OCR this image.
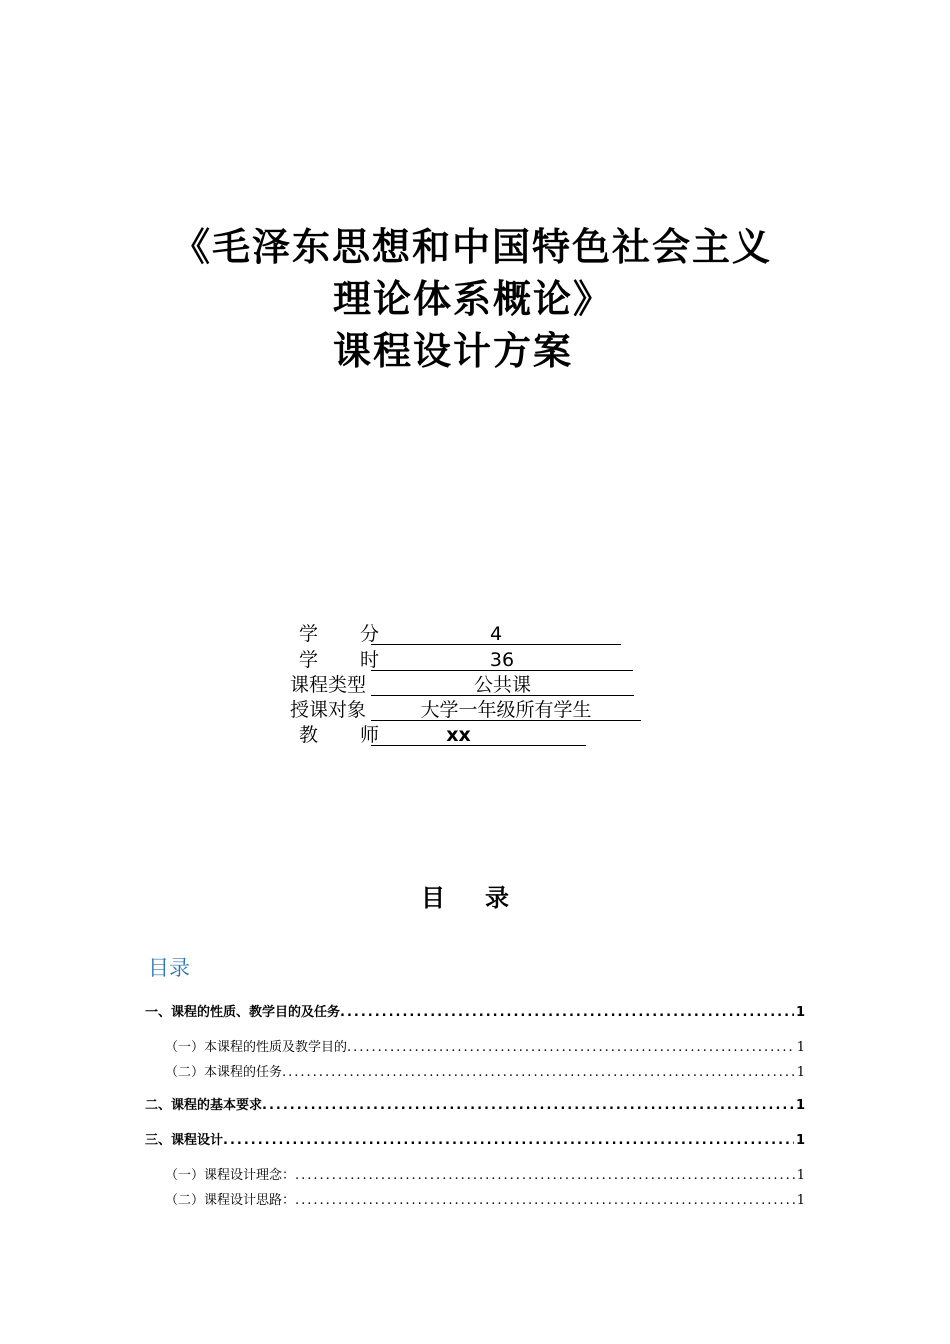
《毛泽东思想和中国特色社会主义
理论体系概论》
课程设计方案
学 分	4
学 时	36
课程类型	公共课
授课对象	大学一年级所有学生
教 师	xx
目录
目录
一、课程的性质、教学目的及任务 .....	1
（一）本课程的性质及教学目的 .....	1
（二）本课程的任务 .....	1
二、课程的基本要求 .....	1
三、课程设计 .....	1
（一）课程设计理念： .....	1
（二）课程设计思路： .....	1
